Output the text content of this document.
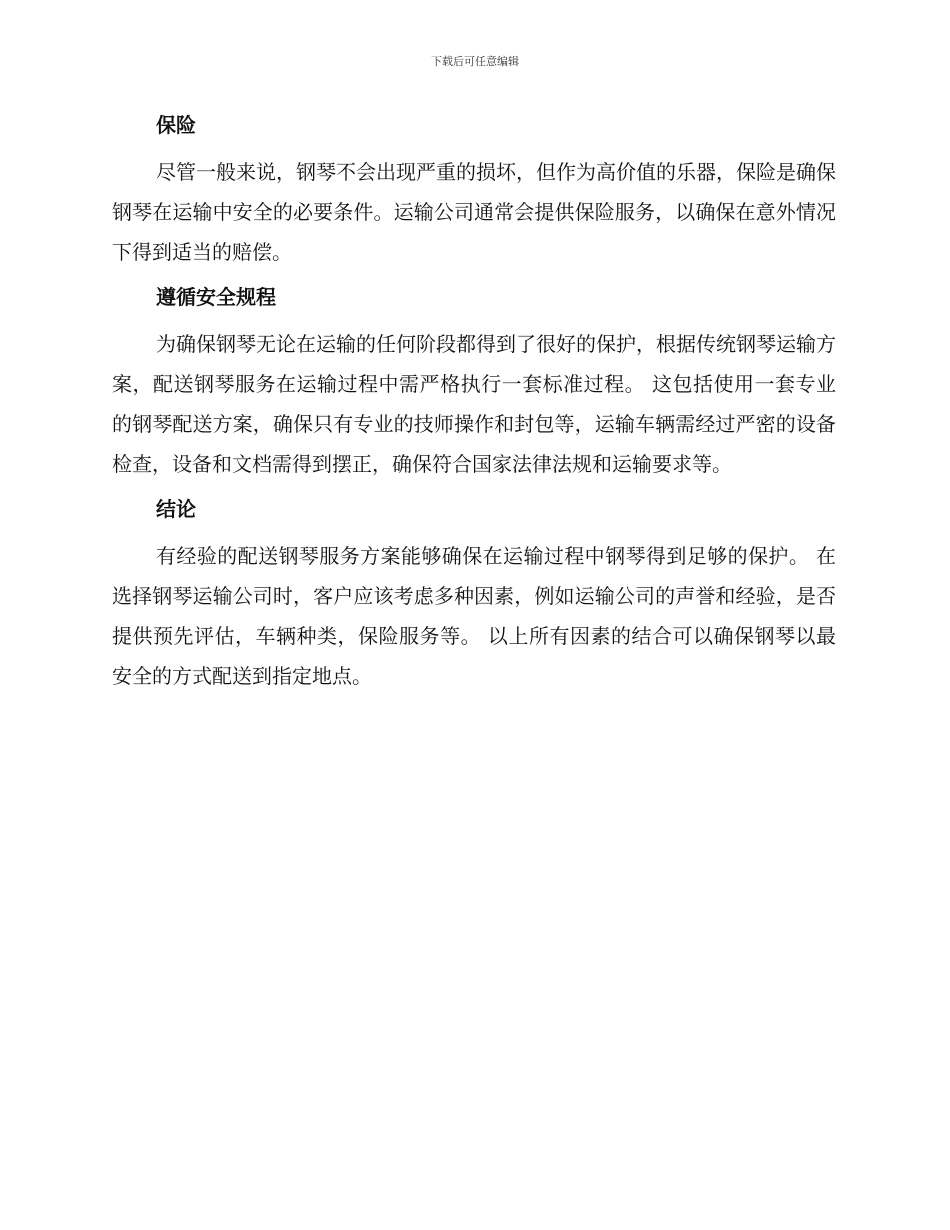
下载后可任意编辑
保险

尽管一般来说，钢琴不会出现严重的损坏，但作为高价值的乐器，保险是确保钢琴在运输中安全的必要条件。运输公司通常会提供保险服务，以确保在意外情况下得到适当的赔偿。

遵循安全规程

为确保钢琴无论在运输的任何阶段都得到了很好的保护，根据传统钢琴运输方案，配送钢琴服务在运输过程中需严格执行一套标准过程。 这包括使用一套专业的钢琴配送方案，确保只有专业的技师操作和封包等，运输车辆需经过严密的设备检查，设备和文档需得到摆正，确保符合国家法律法规和运输要求等。

结论

有经验的配送钢琴服务方案能够确保在运输过程中钢琴得到足够的保护。 在选择钢琴运输公司时，客户应该考虑多种因素，例如运输公司的声誉和经验，是否提供预先评估，车辆种类，保险服务等。 以上所有因素的结合可以确保钢琴以最安全的方式配送到指定地点。
